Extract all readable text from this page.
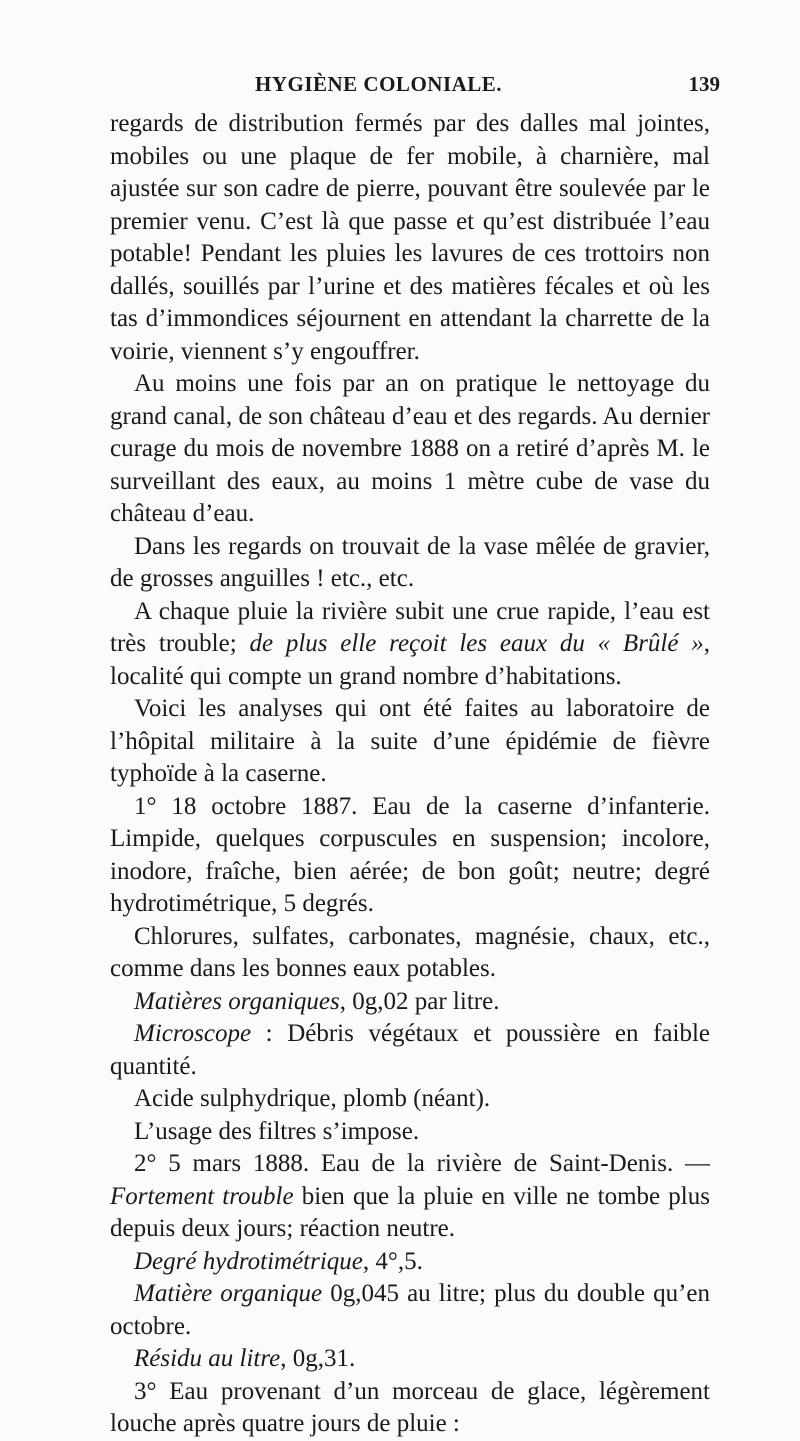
HYGIÈNE COLONIALE.	139

regards de distribution fermés par des dalles mal jointes, mobiles ou une plaque de fer mobile, à charnière, mal ajustée sur son cadre de pierre, pouvant être soulevée par le premier venu. C’est là que passe et qu’est distribuée l’eau potable! Pendant les pluies les lavures de ces trottoirs non dallés, souillés par l’urine et des matières fécales et où les tas d’immondices séjournent en attendant la charrette de la voirie, viennent s’y engouffrer.

Au moins une fois par an on pratique le nettoyage du grand canal, de son château d’eau et des regards. Au dernier curage du mois de novembre 1888 on a retiré d’après M. le surveillant des eaux, au moins 1 mètre cube de vase du château d’eau.

Dans les regards on trouvait de la vase mêlée de gravier, de grosses anguilles ! etc., etc.

A chaque pluie la rivière subit une crue rapide, l’eau est très trouble; de plus elle reçoit les eaux du « Brûlé », localité qui compte un grand nombre d’habitations.

Voici les analyses qui ont été faites au laboratoire de l’hôpital militaire à la suite d’une épidémie de fièvre typhoïde à la caserne.

1° 18 octobre 1887. Eau de la caserne d’infanterie. Limpide, quelques corpuscules en suspension; incolore, inodore, fraîche, bien aérée; de bon goût; neutre; degré hydrotimétrique, 5 degrés.

Chlorures, sulfates, carbonates, magnésie, chaux, etc., comme dans les bonnes eaux potables.

Matières organiques, 0g,02 par litre.

Microscope : Débris végétaux et poussière en faible quantité.

Acide sulphydrique, plomb (néant).

L’usage des filtres s’impose.

2° 5 mars 1888. Eau de la rivière de Saint-Denis. — Fortement trouble bien que la pluie en ville ne tombe plus depuis deux jours; réaction neutre.

Degré hydrotimétrique, 4°,5.

Matière organique 0g,045 au litre; plus du double qu’en octobre.

Résidu au litre, 0g,31.

3° Eau provenant d’un morceau de glace, légèrement louche après quatre jours de pluie :
